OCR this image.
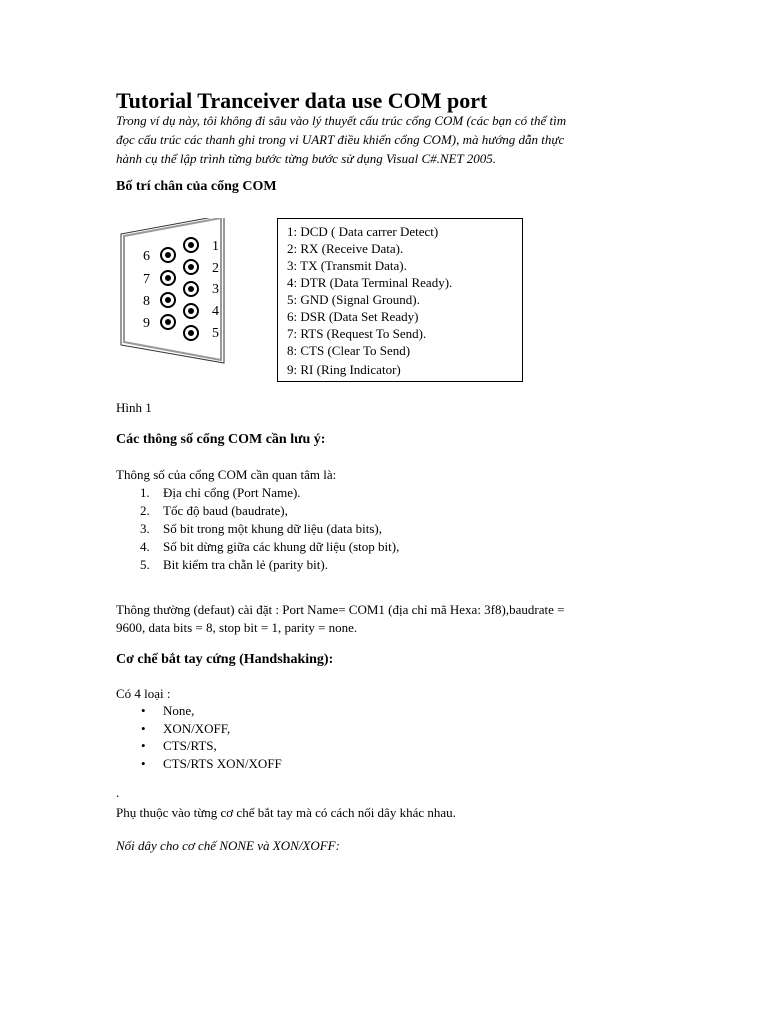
Tutorial Tranceiver data use COM port
Trong ví dụ này, tôi không đi sâu vào lý thuyết cấu trúc cổng COM (các bạn có thể tìm
đọc cấu trúc các thanh ghi trong vi UART điều khiển cổng COM), mà hướng dẫn thực
hành cụ thể lập trình từng bước từng bước sử dụng Visual C#.NET 2005.
Bố trí chân của cổng COM
6
7
8
9
1
2
3
4
5
1: DCD ( Data carrer Detect)
2: RX (Receive Data).
3: TX (Transmit Data).
4: DTR (Data Terminal Ready).
5: GND (Signal Ground).
6: DSR (Data Set Ready)
7: RTS (Request To Send).
8: CTS (Clear To Send)
9: RI (Ring Indicator)
Hình 1
Các thông số cổng COM cần lưu ý:
Thông số của cổng COM cần quan tâm là:
1. Địa chỉ cổng (Port Name).
2. Tốc độ baud (baudrate),
3. Số bit trong một khung dữ liệu (data bits),
4. Số bit dừng giữa các khung dữ liệu (stop bit),
5. Bit kiểm tra chẵn lẻ (parity bit).
Thông thường (defaut) cài đặt : Port Name= COM1 (địa chỉ mã Hexa: 3f8),baudrate =
9600, data bits = 8, stop bit = 1, parity = none.
Cơ chế bắt tay cứng (Handshaking):
Có 4 loại :
• None,
• XON/XOFF,
• CTS/RTS,
• CTS/RTS XON/XOFF
.
Phụ thuộc vào từng cơ chế bắt tay mà có cách nối dây khác nhau.
Nối dây cho cơ chế NONE và XON/XOFF:
